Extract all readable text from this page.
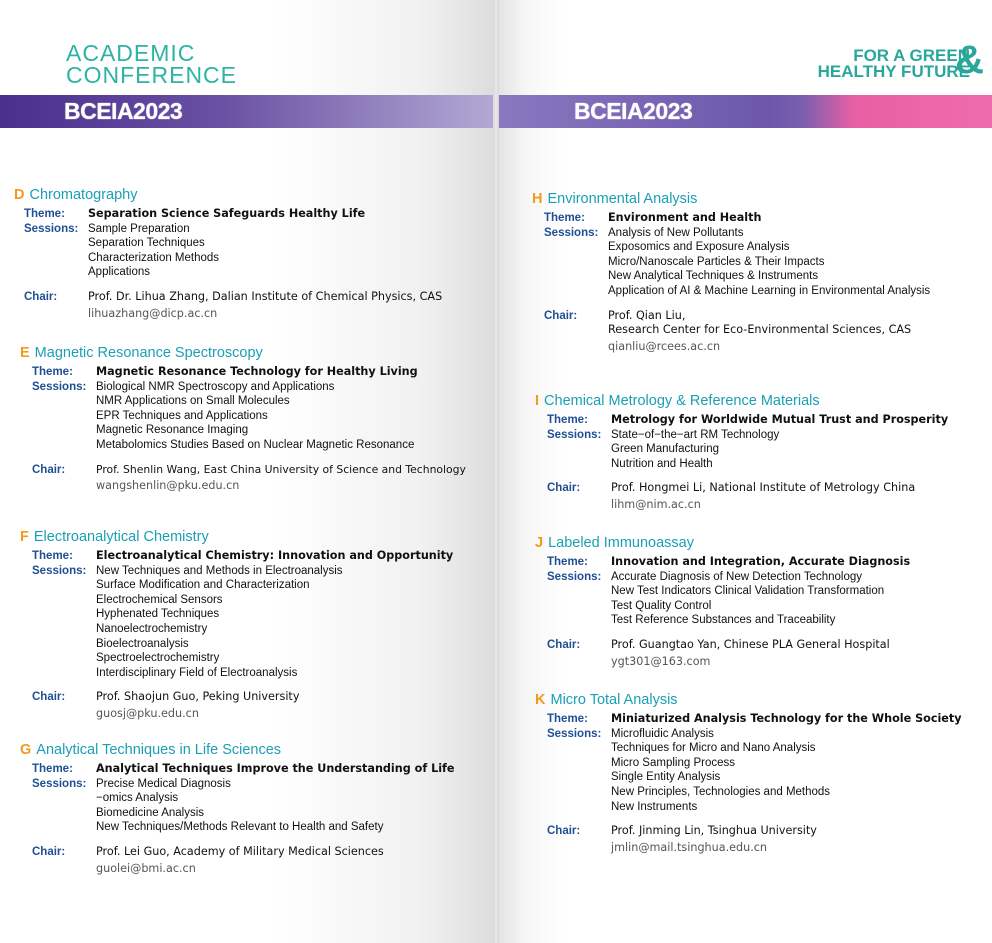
ACADEMIC
CONFERENCE
BCEIA2023
D Chromatography
Theme:	Separation Science Safeguards Healthy Life
Sessions: Sample Preparation
Separation Techniques
Characterization Methods
Applications
Chair:	Prof. Dr. Lihua Zhang, Dalian Institute of Chemical Physics, CAS
lihuazhang@dicp.ac.cn
E Magnetic Resonance Spectroscopy
Theme:	Magnetic Resonance Technology for Healthy Living
Sessions: Biological NMR Spectroscopy and Applications
NMR Applications on Small Molecules
EPR Techniques and Applications
Magnetic Resonance Imaging
Metabolomics Studies Based on Nuclear Magnetic Resonance
Chair:	Prof. Shenlin Wang, East China University of Science and Technology
wangshenlin@pku.edu.cn
F Electroanalytical Chemistry
Theme:	Electroanalytical Chemistry: Innovation and Opportunity
Sessions: New Techniques and Methods in Electroanalysis
Surface Modification and Characterization
Electrochemical Sensors
Hyphenated Techniques
Nanoelectrochemistry
Bioelectroanalysis
Spectroelectrochemistry
Interdisciplinary Field of Electroanalysis
Chair:	Prof. Shaojun Guo, Peking University
guosj@pku.edu.cn
G Analytical Techniques in Life Sciences
Theme:	Analytical Techniques Improve the Understanding of Life
Sessions: Precise Medical Diagnosis
−omics Analysis
Biomedicine Analysis
New Techniques/Methods Relevant to Health and Safety
Chair:	Prof. Lei Guo, Academy of Military Medical Sciences
guolei@bmi.ac.cn
FOR A GREEN
HEALTHY FUTURE
&
BCEIA2023
H Environmental Analysis
Theme:	Environment and Health
Sessions: Analysis of New Pollutants
Exposomics and Exposure Analysis
Micro/Nanoscale Particles & Their Impacts
New Analytical Techniques & Instruments
Application of AI & Machine Learning in Environmental Analysis
Chair:	Prof. Qian Liu,
Research Center for Eco-Environmental Sciences, CAS
qianliu@rcees.ac.cn
I Chemical Metrology & Reference Materials
Theme:	Metrology for Worldwide Mutual Trust and Prosperity
Sessions: State−of−the−art RM Technology
Green Manufacturing
Nutrition and Health
Chair:	Prof. Hongmei Li, National Institute of Metrology China
lihm@nim.ac.cn
J Labeled Immunoassay
Theme:	Innovation and Integration, Accurate Diagnosis
Sessions: Accurate Diagnosis of New Detection Technology
New Test Indicators Clinical Validation Transformation
Test Quality Control
Test Reference Substances and Traceability
Chair:	Prof. Guangtao Yan, Chinese PLA General Hospital
ygt301@163.com
K Micro Total Analysis
Theme:	Miniaturized Analysis Technology for the Whole Society
Sessions: Microfluidic Analysis
Techniques for Micro and Nano Analysis
Micro Sampling Process
Single Entity Analysis
New Principles, Technologies and Methods
New Instruments
Chair:	Prof. Jinming Lin, Tsinghua University
jmlin@mail.tsinghua.edu.cn
